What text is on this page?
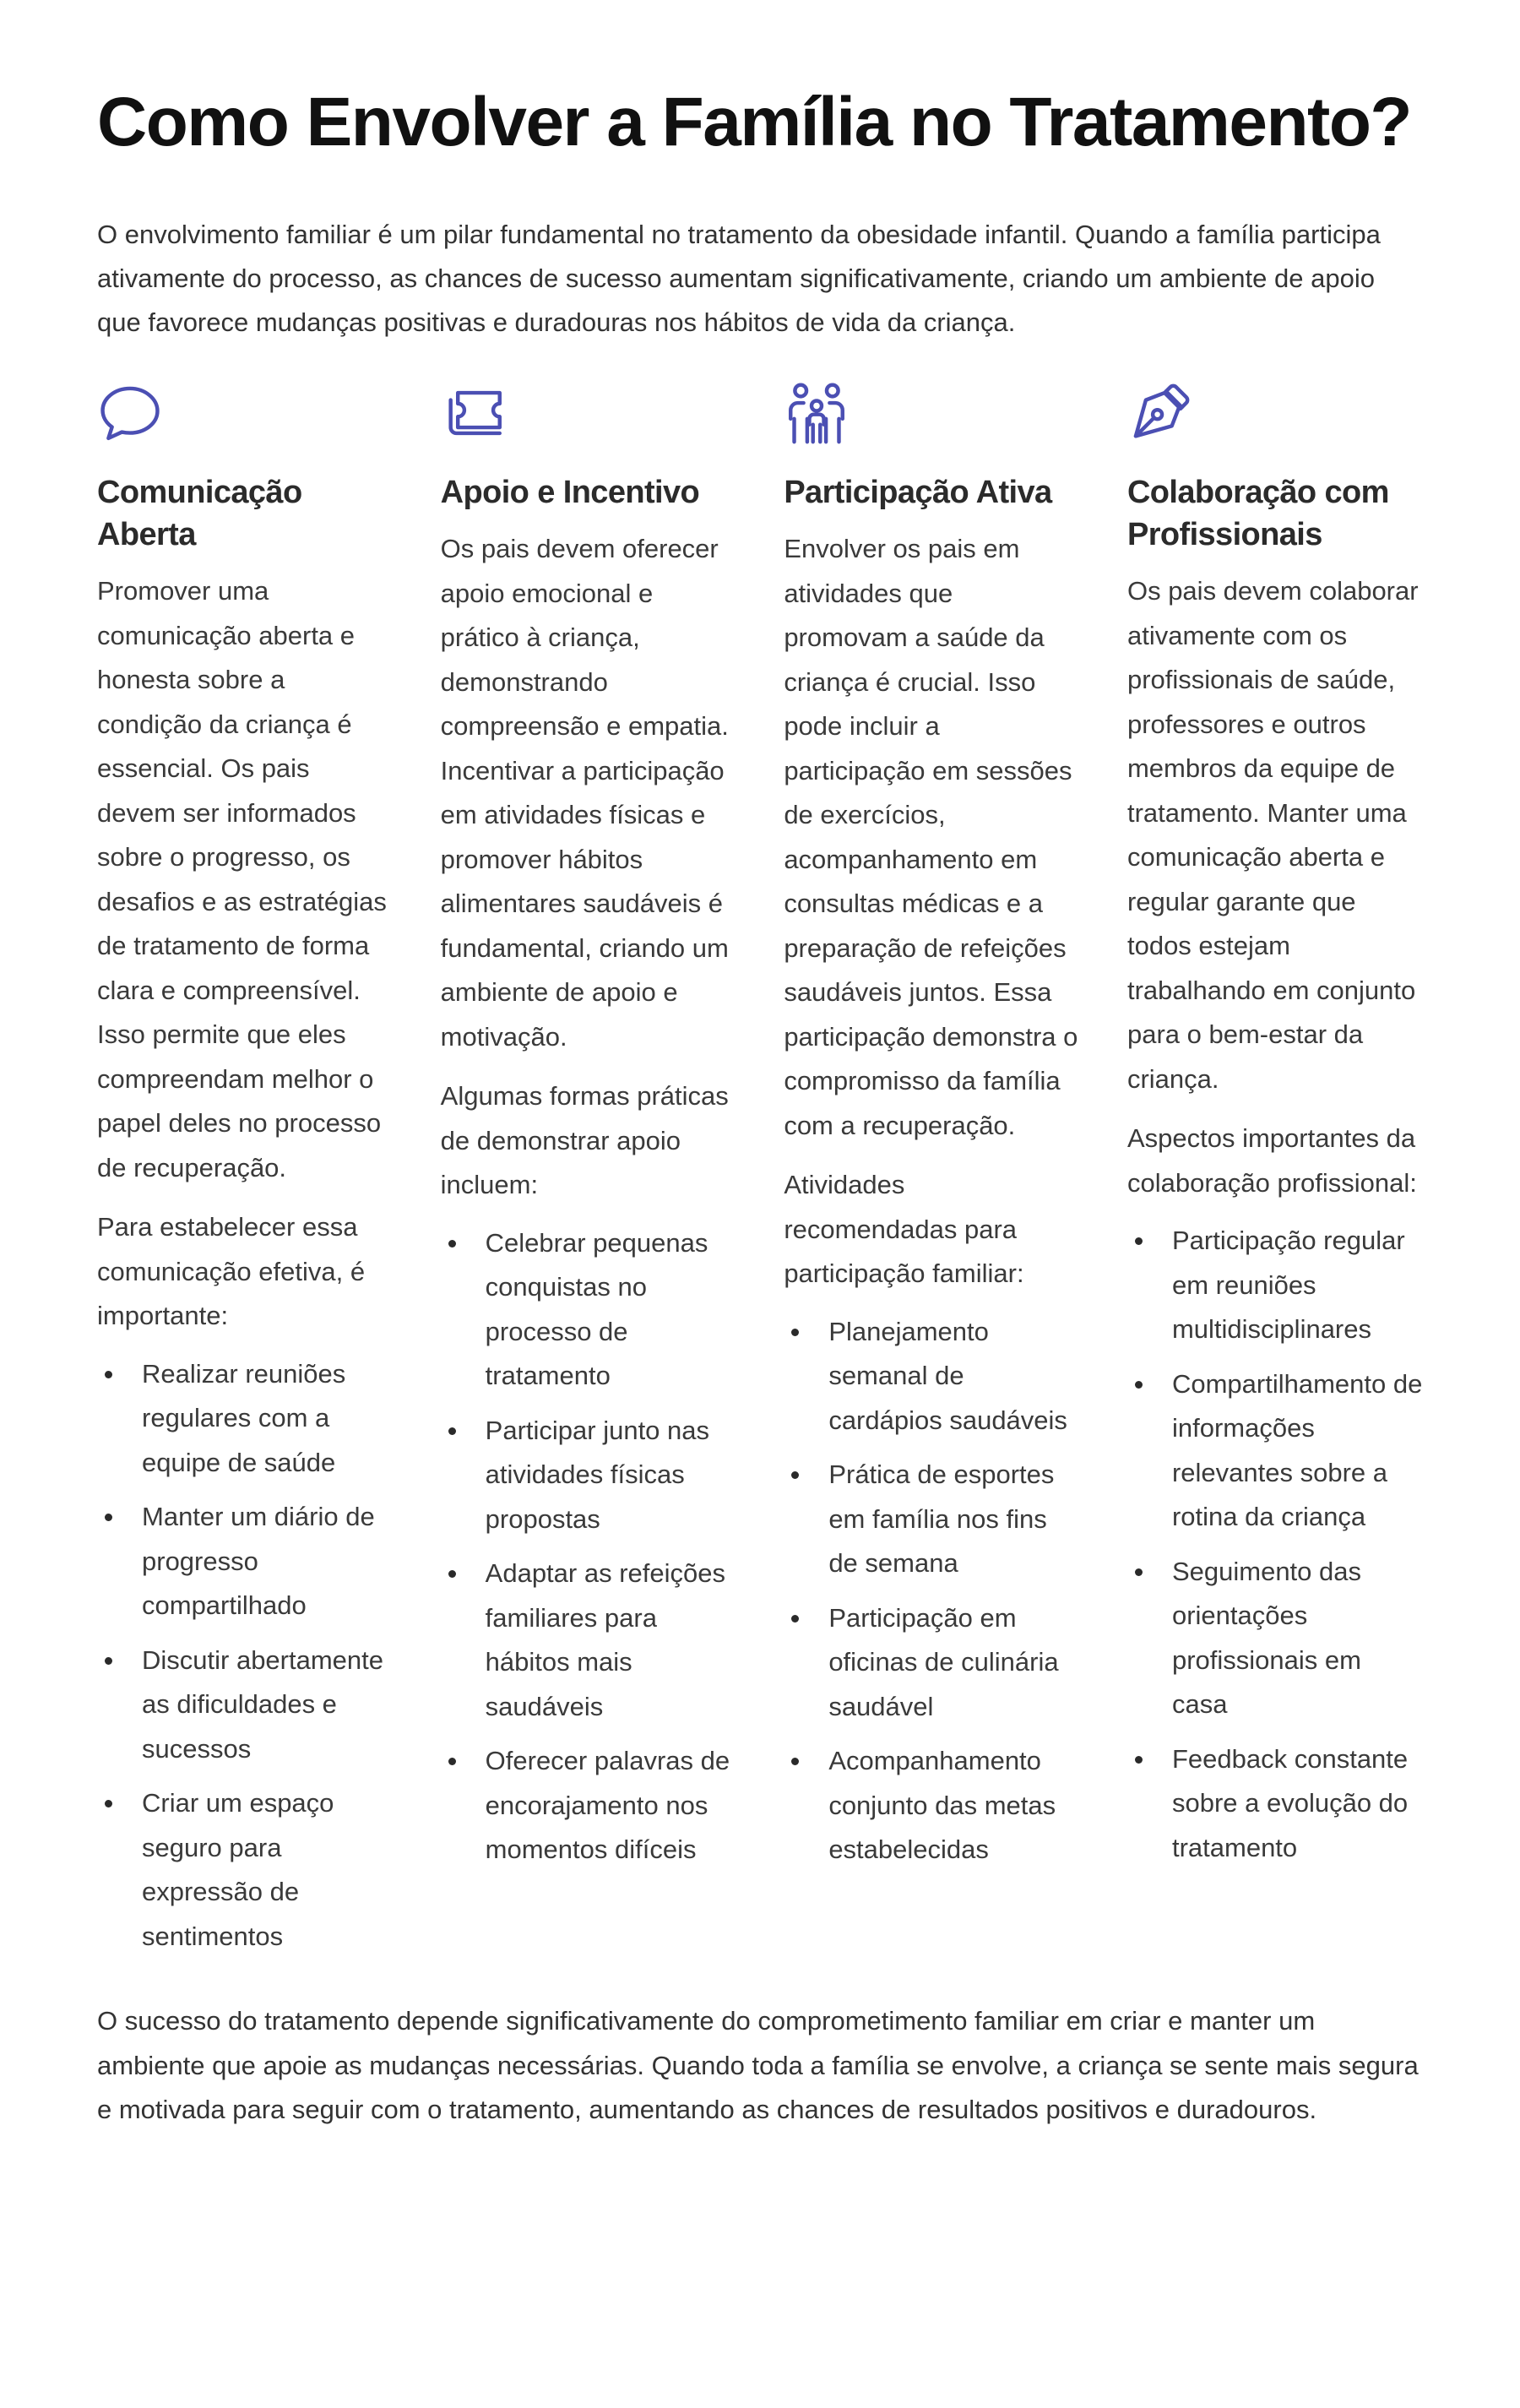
Como Envolver a Família no Tratamento?

O envolvimento familiar é um pilar fundamental no tratamento da obesidade infantil. Quando a família participa ativamente do processo, as chances de sucesso aumentam significativamente, criando um ambiente de apoio que favorece mudanças positivas e duradouras nos hábitos de vida da criança.

Comunicação Aberta

Promover uma comunicação aberta e honesta sobre a condição da criança é essencial. Os pais devem ser informados sobre o progresso, os desafios e as estratégias de tratamento de forma clara e compreensível. Isso permite que eles compreendam melhor o papel deles no processo de recuperação.

Para estabelecer essa comunicação efetiva, é importante:

Realizar reuniões regulares com a equipe de saúde
Manter um diário de progresso compartilhado
Discutir abertamente as dificuldades e sucessos
Criar um espaço seguro para expressão de sentimentos
Apoio e Incentivo

Os pais devem oferecer apoio emocional e prático à criança, demonstrando compreensão e empatia. Incentivar a participação em atividades físicas e promover hábitos alimentares saudáveis é fundamental, criando um ambiente de apoio e motivação.

Algumas formas práticas de demonstrar apoio incluem:

Celebrar pequenas conquistas no processo de tratamento
Participar junto nas atividades físicas propostas
Adaptar as refeições familiares para hábitos mais saudáveis
Oferecer palavras de encorajamento nos momentos difíceis
Participação Ativa

Envolver os pais em atividades que promovam a saúde da criança é crucial. Isso pode incluir a participação em sessões de exercícios, acompanhamento em consultas médicas e a preparação de refeições saudáveis juntos. Essa participação demonstra o compromisso da família com a recuperação.

Atividades recomendadas para participação familiar:

Planejamento semanal de cardápios saudáveis
Prática de esportes em família nos fins de semana
Participação em oficinas de culinária saudável
Acompanhamento conjunto das metas estabelecidas
Colaboração com Profissionais

Os pais devem colaborar ativamente com os profissionais de saúde, professores e outros membros da equipe de tratamento. Manter uma comunicação aberta e regular garante que todos estejam trabalhando em conjunto para o bem-estar da criança.

Aspectos importantes da colaboração profissional:

Participação regular em reuniões multidisciplinares
Compartilhamento de informações relevantes sobre a rotina da criança
Seguimento das orientações profissionais em casa
Feedback constante sobre a evolução do tratamento

O sucesso do tratamento depende significativamente do comprometimento familiar em criar e manter um ambiente que apoie as mudanças necessárias. Quando toda a família se envolve, a criança se sente mais segura e motivada para seguir com o tratamento, aumentando as chances de resultados positivos e duradouros.
